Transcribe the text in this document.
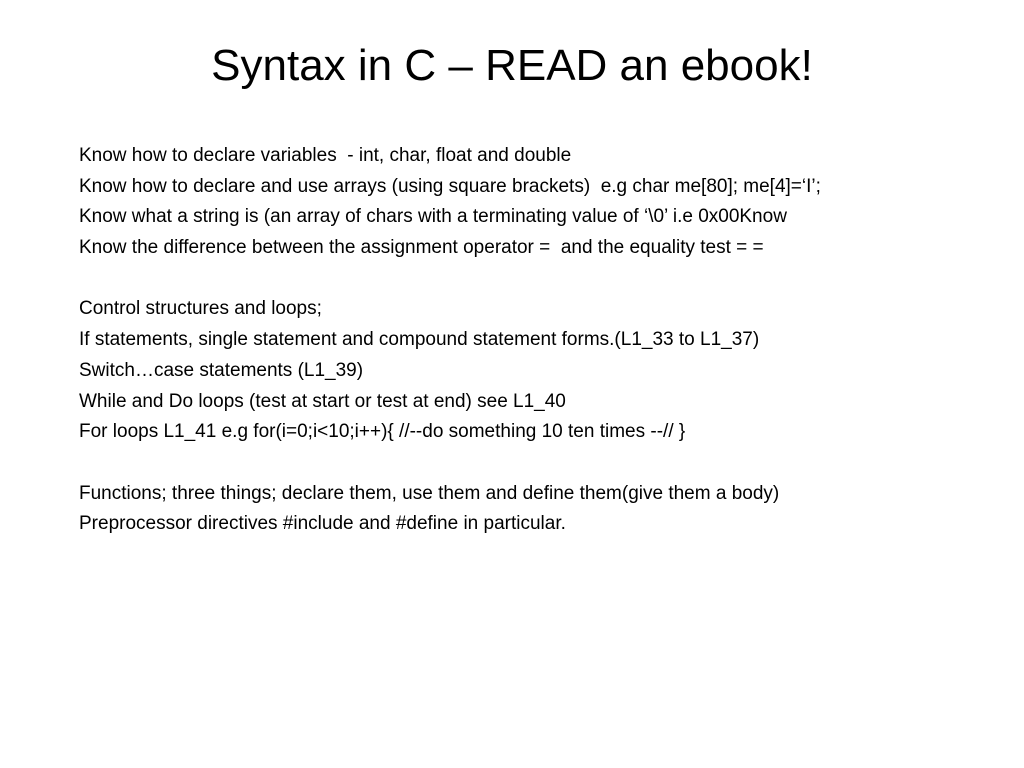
Syntax in C – READ an ebook!
Know how to declare variables  - int, char, float and double
Know how to declare and use arrays (using square brackets)  e.g char me[80]; me[4]=‘I’;
Know what a string is (an array of chars with a terminating value of ‘\0’ i.e 0x00Know
Know the difference between the assignment operator =  and the equality test = =
Control structures and loops;
If statements, single statement and compound statement forms.(L1_33 to L1_37)
Switch…case statements (L1_39)
While and Do loops (test at start or test at end) see L1_40
For loops L1_41 e.g for(i=0;i<10;i++){ //--do something 10 ten times --// }
Functions; three things; declare them, use them and define them(give them a body)
Preprocessor directives #include and #define in particular.
